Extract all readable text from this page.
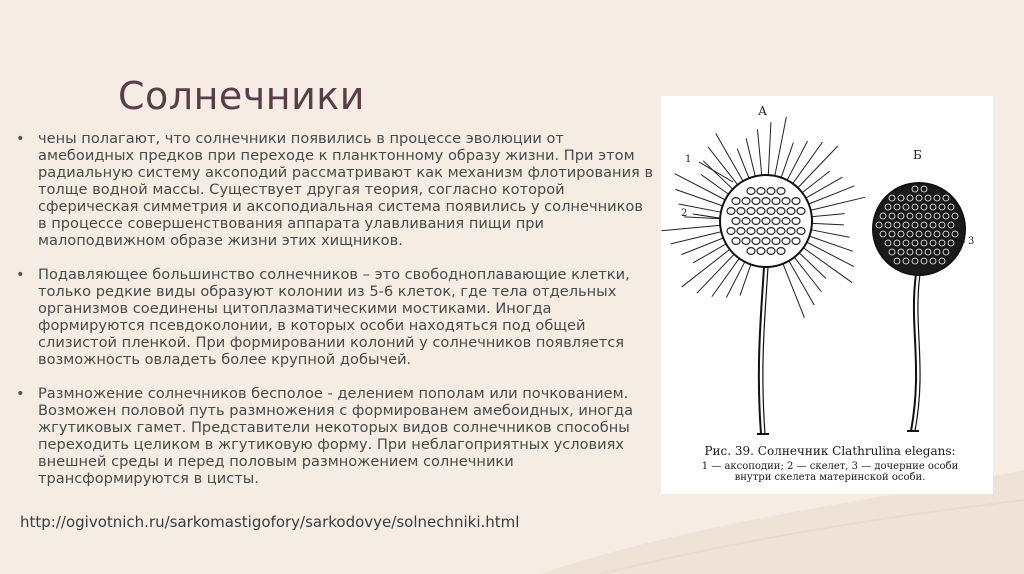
Солнечники
• чены полагают, что солнечники появились в процессе эволюции от амебоидных предков при переходе к планктонному образу жизни. При этом радиальную систему аксоподий рассматривают как механизм флотирования в толще водной массы. Существует другая теория, согласно которой сферическая симметрия и аксоподиальная система появились у солнечников в процессе совершенствования аппарата улавливания пищи при малоподвижном образе жизни этих хищников.

• Подавляющее большинство солнечников – это свободноплавающие клетки, только редкие виды образуют колонии из 5-6 клеток, где тела отдельных организмов соединены цитоплазматическими мостиками. Иногда формируются псевдоколонии, в которых особи находяться под общей слизистой пленкой. При формировании колоний у солнечников появляется возможность овладеть более крупной добычей.

• Размножение солнечников бесполое - делением пополам или почкованием. Возможен половой путь размножения с формированем амебоидных, иногда жгутиковых гамет. Представители некоторых видов солнечников способны переходить целиком в жгутиковую форму. При неблагоприятных условиях внешней среды и перед половым размножением солнечники трансформируются в цисты.

http://ogivotnich.ru/sarkomastigofory/sarkodovye/solnechniki.html
А
Б
1
2
3
Рис. 39. Солнечник Clathrulina elegans:
1 — аксоподии; 2 — скелет, 3 — дочерние особи
внутри скелета материнской особи.
